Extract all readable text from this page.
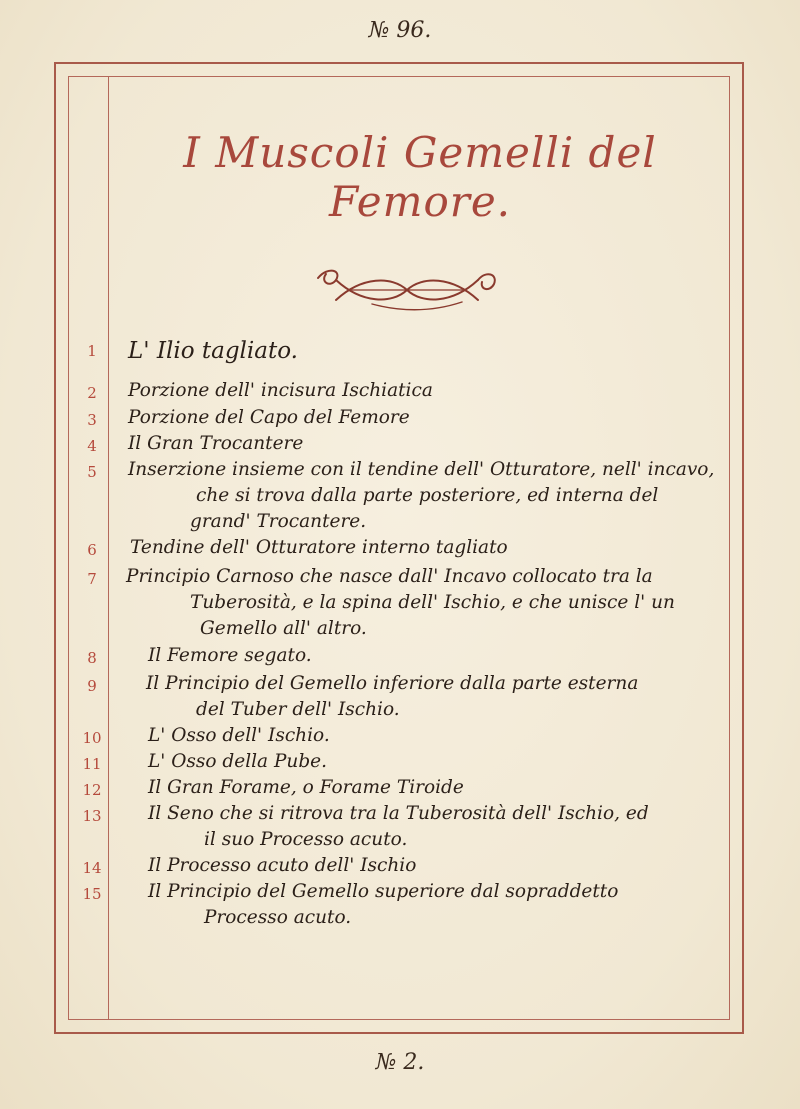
№ 96.
I Muscoli Gemelli del Femore.
1	L' Ilio tagliato.
2	Porzione dell' incisura Ischiatica
3	Porzione del Capo del Femore
4	Il Gran Trocantere
5	Inserzione insieme con il tendine dell' Otturatore, nell' incavo,
che si trova dalla parte posteriore, ed interna del
grand' Trocantere.
6	Tendine dell' Otturatore interno tagliato
7	Principio Carnoso che nasce dall' Incavo collocato tra la
Tuberosità, e la spina dell' Ischio, e che unisce l' un
Gemello all' altro.
8	Il Femore segato.
9	Il Principio del Gemello inferiore dalla parte esterna
del Tuber dell' Ischio.
10	L' Osso dell' Ischio.
11	L' Osso della Pube.
12	Il Gran Forame, o Forame Tiroide
13	Il Seno che si ritrova tra la Tuberosità dell' Ischio, ed
il suo Processo acuto.
14	Il Processo acuto dell' Ischio
15	Il Principio del Gemello superiore dal sopraddetto
Processo acuto.
№ 2.
